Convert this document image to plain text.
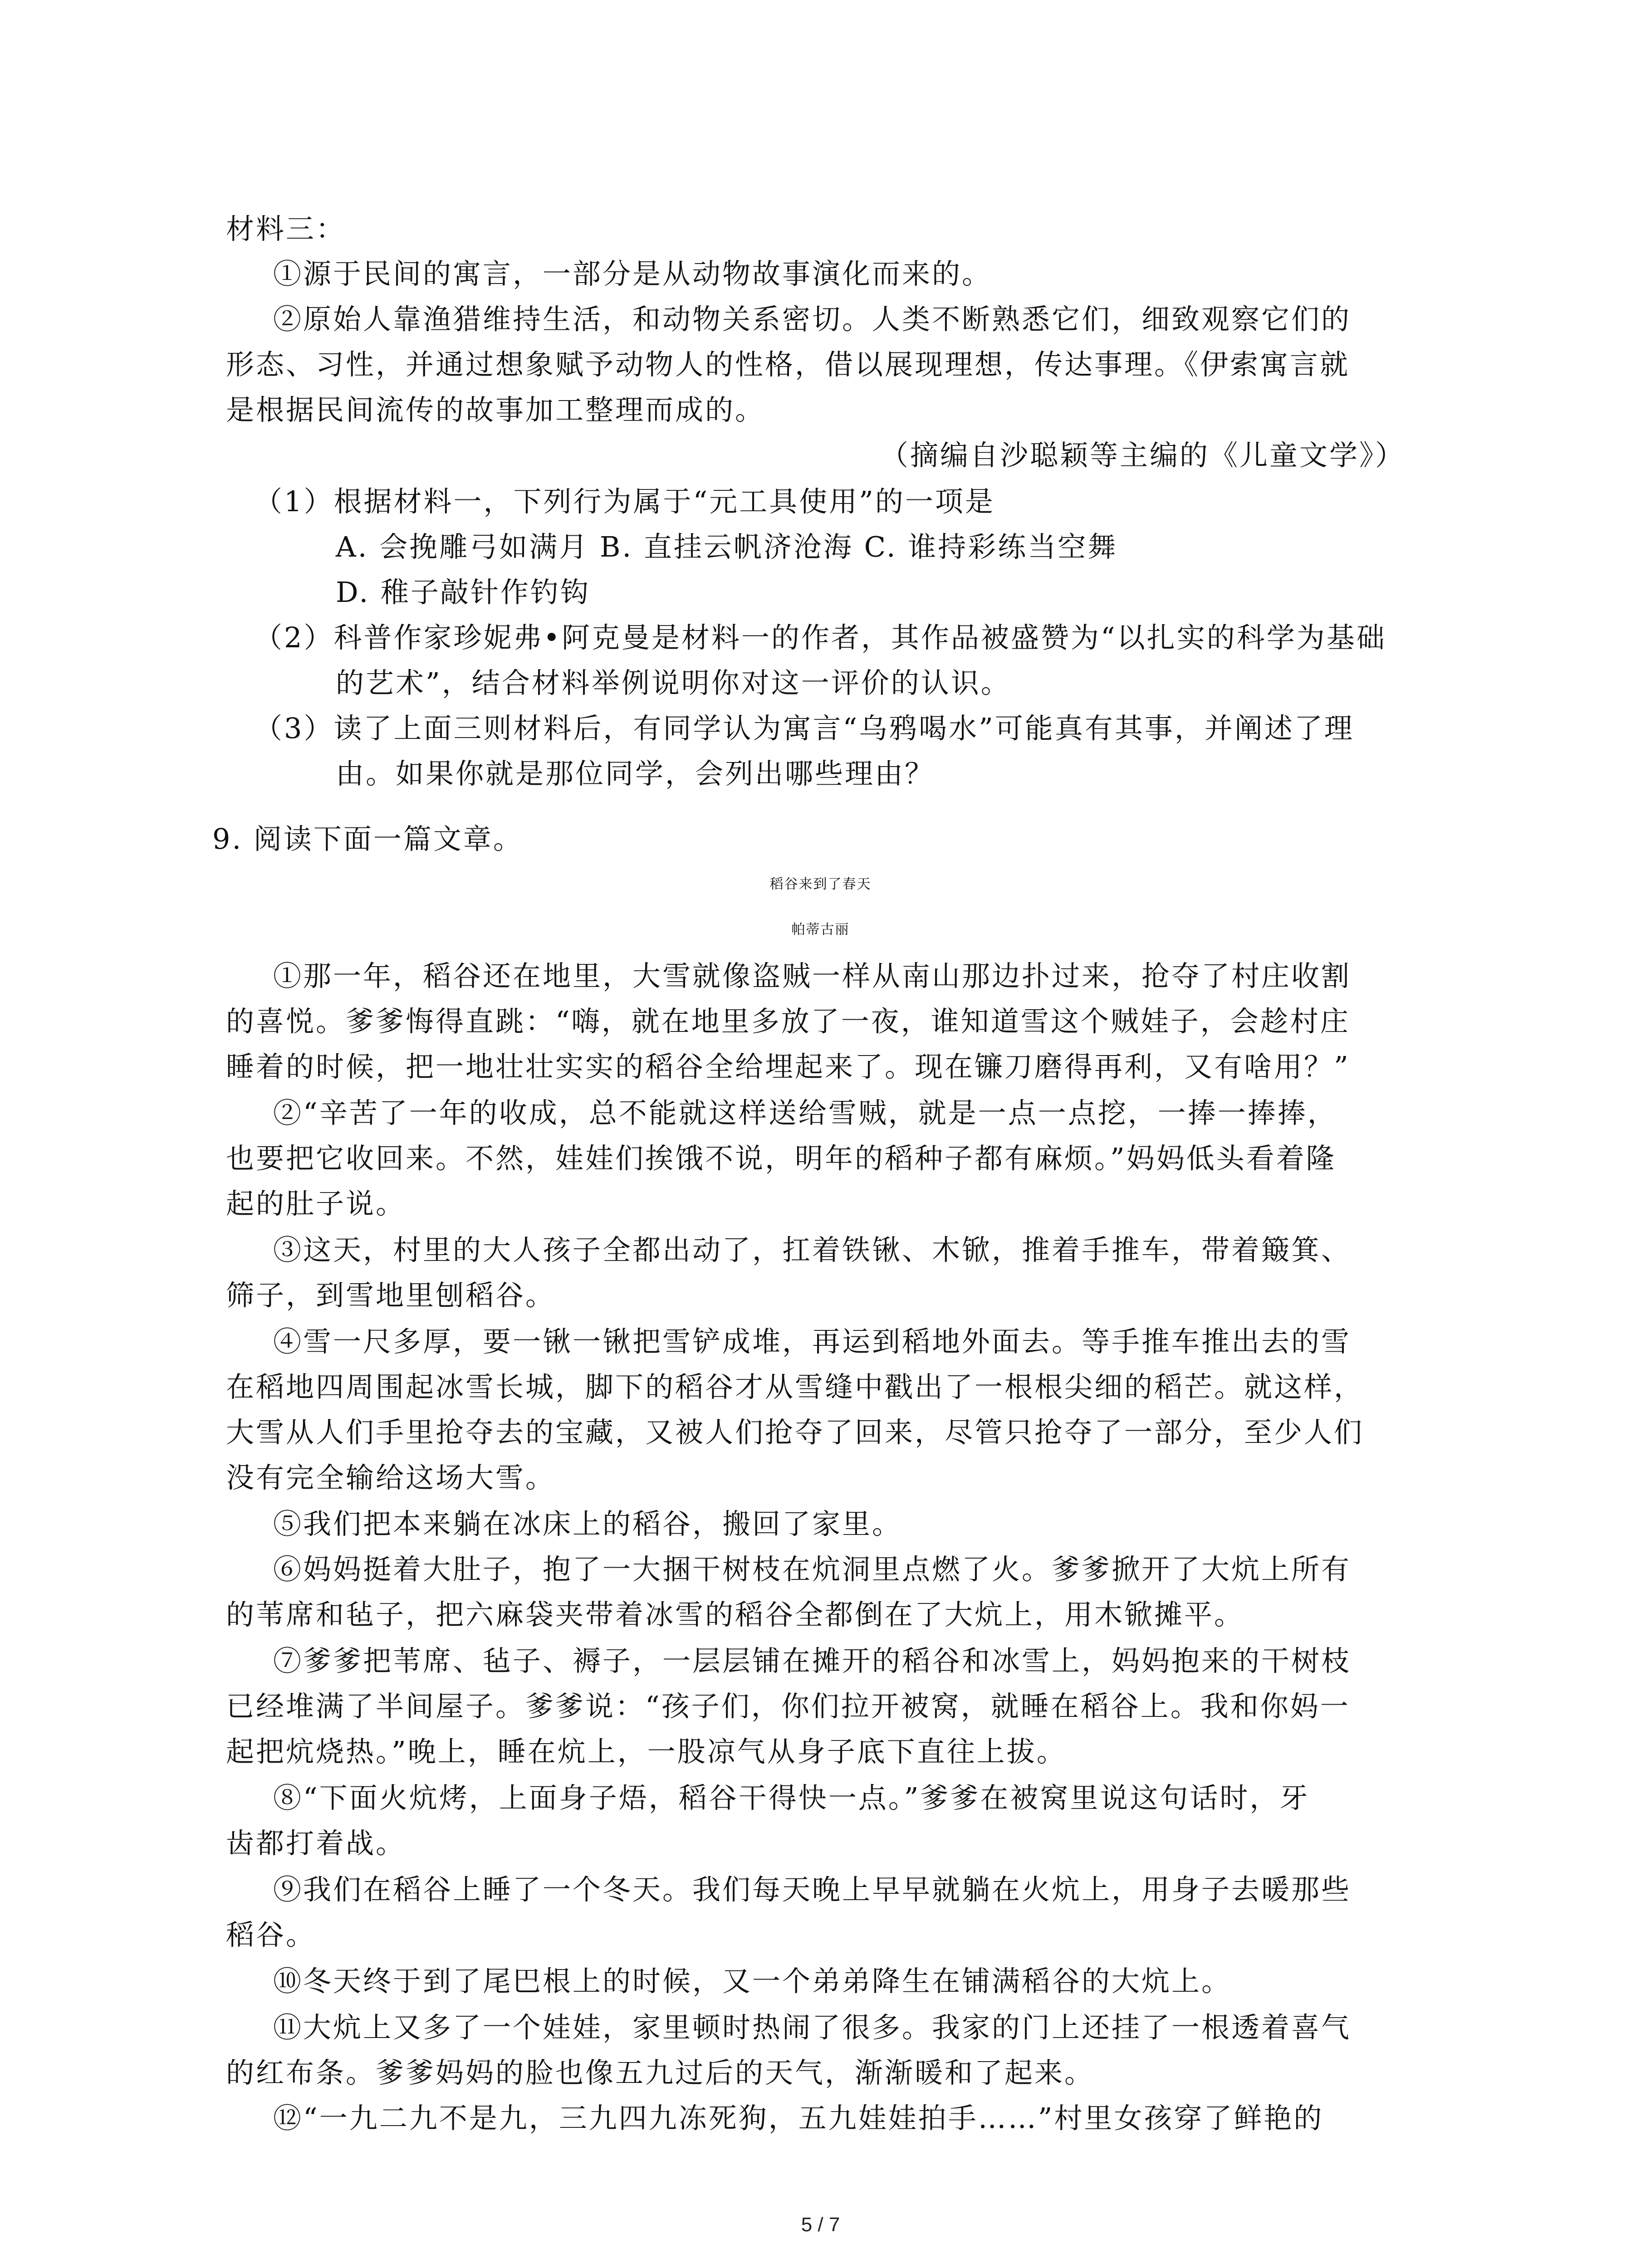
材料三：
①源于民间的寓言，一部分是从动物故事演化而来的。
②原始人靠渔猎维持生活，和动物关系密切。人类不断熟悉它们，细致观察它们的
形态、习性，并通过想象赋予动物人的性格，借以展现理想，传达事理。《伊索寓言就
是根据民间流传的故事加工整理而成的。
（摘编自沙聪颖等主编的《儿童文学》）
（1）根据材料一，下列行为属于“元工具使用”的一项是
A. 会挽雕弓如满月 B. 直挂云帆济沧海 C. 谁持彩练当空舞
D. 稚子敲针作钓钩
（2）科普作家珍妮弗•阿克曼是材料一的作者，其作品被盛赞为“以扎实的科学为基础
的艺术”，结合材料举例说明你对这一评价的认识。
（3）读了上面三则材料后，有同学认为寓言“乌鸦喝水”可能真有其事，并阐述了理
由。如果你就是那位同学，会列出哪些理由？
9. 阅读下面一篇文章。
稻谷来到了春天
帕蒂古丽
①那一年，稻谷还在地里，大雪就像盗贼一样从南山那边扑过来，抢夺了村庄收割
的喜悦。爹爹悔得直跳：“嗨，就在地里多放了一夜，谁知道雪这个贼娃子，会趁村庄
睡着的时候，把一地壮壮实实的稻谷全给埋起来了。现在镰刀磨得再利，又有啥用？”
②“辛苦了一年的收成，总不能就这样送给雪贼，就是一点一点挖，一捧一捧捧，
也要把它收回来。不然，娃娃们挨饿不说，明年的稻种子都有麻烦。”妈妈低头看着隆
起的肚子说。
③这天，村里的大人孩子全都出动了，扛着铁锹、木锨，推着手推车，带着簸箕、
筛子，到雪地里刨稻谷。
④雪一尺多厚，要一锹一锹把雪铲成堆，再运到稻地外面去。等手推车推出去的雪
在稻地四周围起冰雪长城，脚下的稻谷才从雪缝中戳出了一根根尖细的稻芒。就这样，
大雪从人们手里抢夺去的宝藏，又被人们抢夺了回来，尽管只抢夺了一部分，至少人们
没有完全输给这场大雪。
⑤我们把本来躺在冰床上的稻谷，搬回了家里。
⑥妈妈挺着大肚子，抱了一大捆干树枝在炕洞里点燃了火。爹爹掀开了大炕上所有
的苇席和毡子，把六麻袋夹带着冰雪的稻谷全都倒在了大炕上，用木锨摊平。
⑦爹爹把苇席、毡子、褥子，一层层铺在摊开的稻谷和冰雪上，妈妈抱来的干树枝
已经堆满了半间屋子。爹爹说：“孩子们，你们拉开被窝，就睡在稻谷上。我和你妈一
起把炕烧热。”晚上，睡在炕上，一股凉气从身子底下直往上拔。
⑧“下面火炕烤，上面身子焐，稻谷干得快一点。”爹爹在被窝里说这句话时，牙
齿都打着战。
⑨我们在稻谷上睡了一个冬天。我们每天晚上早早就躺在火炕上，用身子去暖那些
稻谷。
⑩冬天终于到了尾巴根上的时候，又一个弟弟降生在铺满稻谷的大炕上。
⑪大炕上又多了一个娃娃，家里顿时热闹了很多。我家的门上还挂了一根透着喜气
的红布条。爹爹妈妈的脸也像五九过后的天气，渐渐暖和了起来。
⑫“一九二九不是九，三九四九冻死狗，五九娃娃拍手……”村里女孩穿了鲜艳的
5 / 7
